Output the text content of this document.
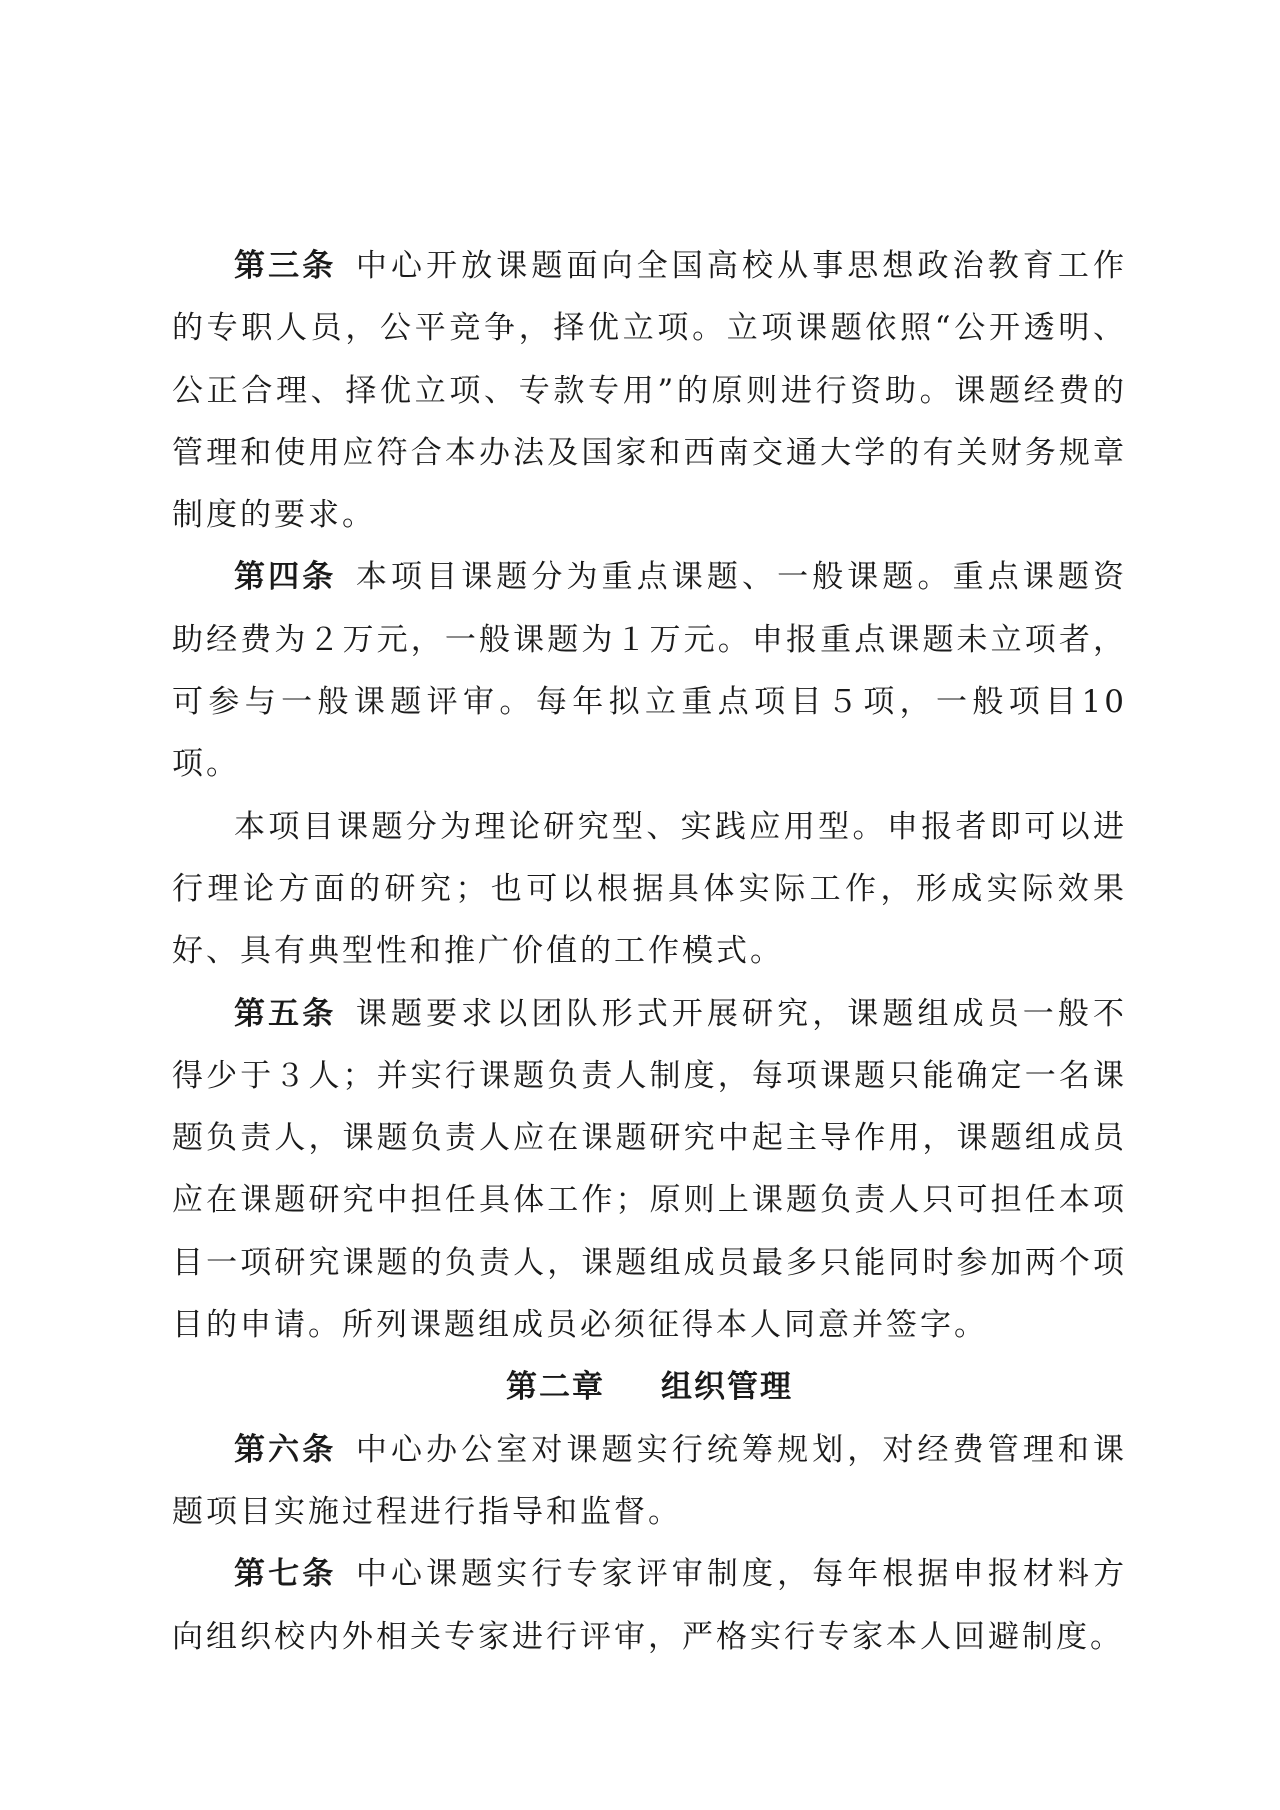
第三条  中心开放课题面向全国高校从事思想政治教育工作的专职人员，公平竞争，择优立项。立项课题依照“公开透明、公正合理、择优立项、专款专用”的原则进行资助。课题经费的管理和使用应符合本办法及国家和西南交通大学的有关财务规章制度的要求。

第四条  本项目课题分为重点课题、一般课题。重点课题资助经费为２万元，一般课题为１万元。申报重点课题未立项者，可参与一般课题评审。每年拟立重点项目５项，一般项目10项。

本项目课题分为理论研究型、实践应用型。申报者即可以进行理论方面的研究；也可以根据具体实际工作，形成实际效果好、具有典型性和推广价值的工作模式。

第五条  课题要求以团队形式开展研究，课题组成员一般不得少于３人；并实行课题负责人制度，每项课题只能确定一名课题负责人，课题负责人应在课题研究中起主导作用，课题组成员应在课题研究中担任具体工作；原则上课题负责人只可担任本项目一项研究课题的负责人，课题组成员最多只能同时参加两个项目的申请。所列课题组成员必须征得本人同意并签字。

第二章 组织管理

第六条  中心办公室对课题实行统筹规划，对经费管理和课题项目实施过程进行指导和监督。

第七条  中心课题实行专家评审制度，每年根据申报材料方向组织校内外相关专家进行评审，严格实行专家本人回避制度。
